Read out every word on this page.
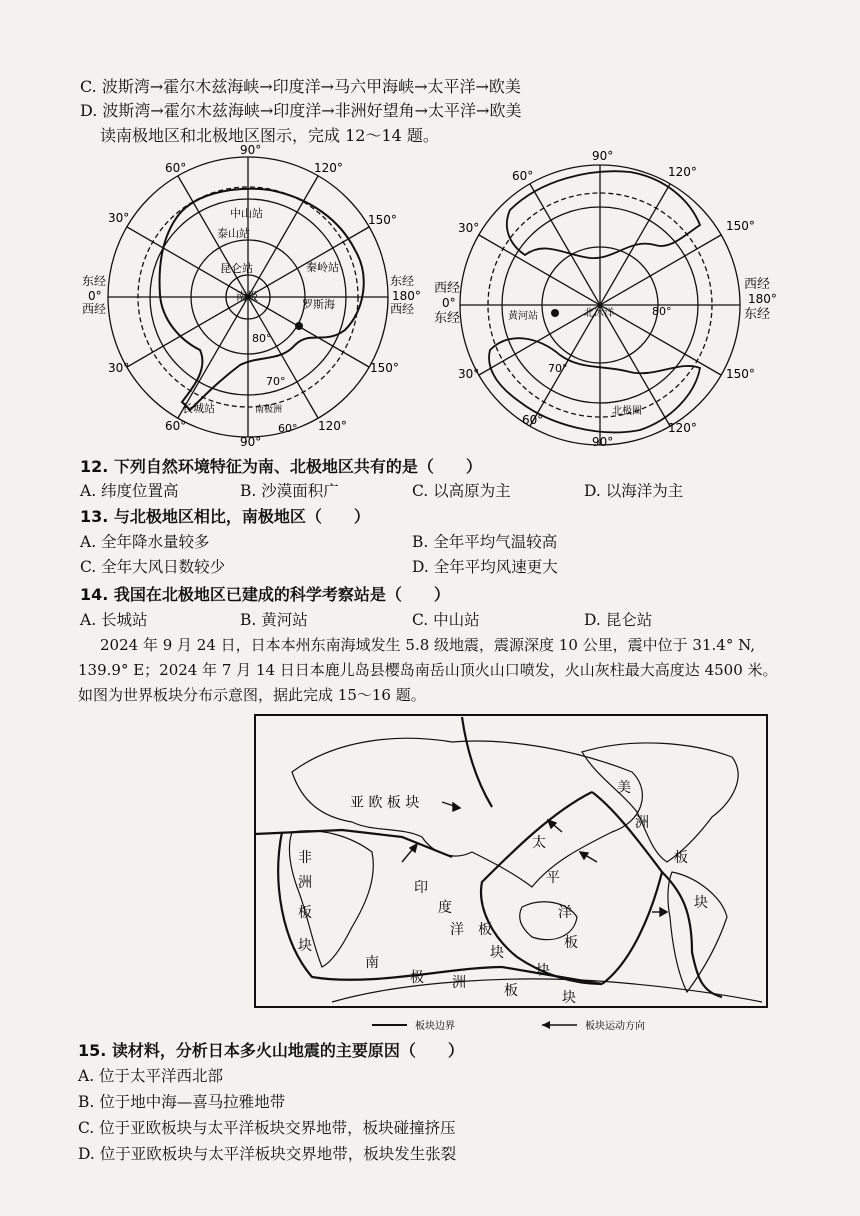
C. 波斯湾→霍尔木兹海峡→印度洋→马六甲海峡→太平洋→欧美
D. 波斯湾→霍尔木兹海峡→印度洋→非洲好望角→太平洋→欧美
读南极地区和北极地区图示，完成 12～14 题。
90°
60°	120°
30°	150°
东经
0°
西经
东经
180°
西经
30°	150°
60°	120°
90°
80°
70°
60°
中山站
泰山站
昆仑站	秦岭站
长城站
南极
罗斯海
南极洲
90°
60°	120°
30°	150°
西经
0°
东经
西经
180°
东经
30°	150°
60°
120°
90°
80°
70°
黄河站	北冰洋
北极圈
12. 下列自然环境特征为南、北极地区共有的是（　　）
A. 纬度位置高	B. 沙漠面积广	C. 以高原为主	D. 以海洋为主
13. 与北极地区相比，南极地区（　　）
A. 全年降水量较多	B. 全年平均气温较高
C. 全年大风日数较少	D. 全年平均风速更大
14. 我国在北极地区已建成的科学考察站是（　　）
A. 长城站	B. 黄河站	C. 中山站	D. 昆仑站
2024 年 9 月 24 日，日本本州东南海域发生 5.8 级地震，震源深度 10 公里，震中位于 31.4° N,
139.9° E；2024 年 7 月 14 日日本鹿儿岛县樱岛南岳山顶火山口喷发，火山灰柱最大高度达 4500 米。
如图为世界板块分布示意图，据此完成 15～16 题。
亚 欧 板 块
非
洲
板
块
印
度
洋 板
块
太
平
洋
板
块
美
洲
板
块
南
极 洲	板	块
板块边界	板块运动方向
15. 读材料，分析日本多火山地震的主要原因（　　）
A. 位于太平洋西北部
B. 位于地中海—喜马拉雅地带
C. 位于亚欧板块与太平洋板块交界地带，板块碰撞挤压
D. 位于亚欧板块与太平洋板块交界地带，板块发生张裂
